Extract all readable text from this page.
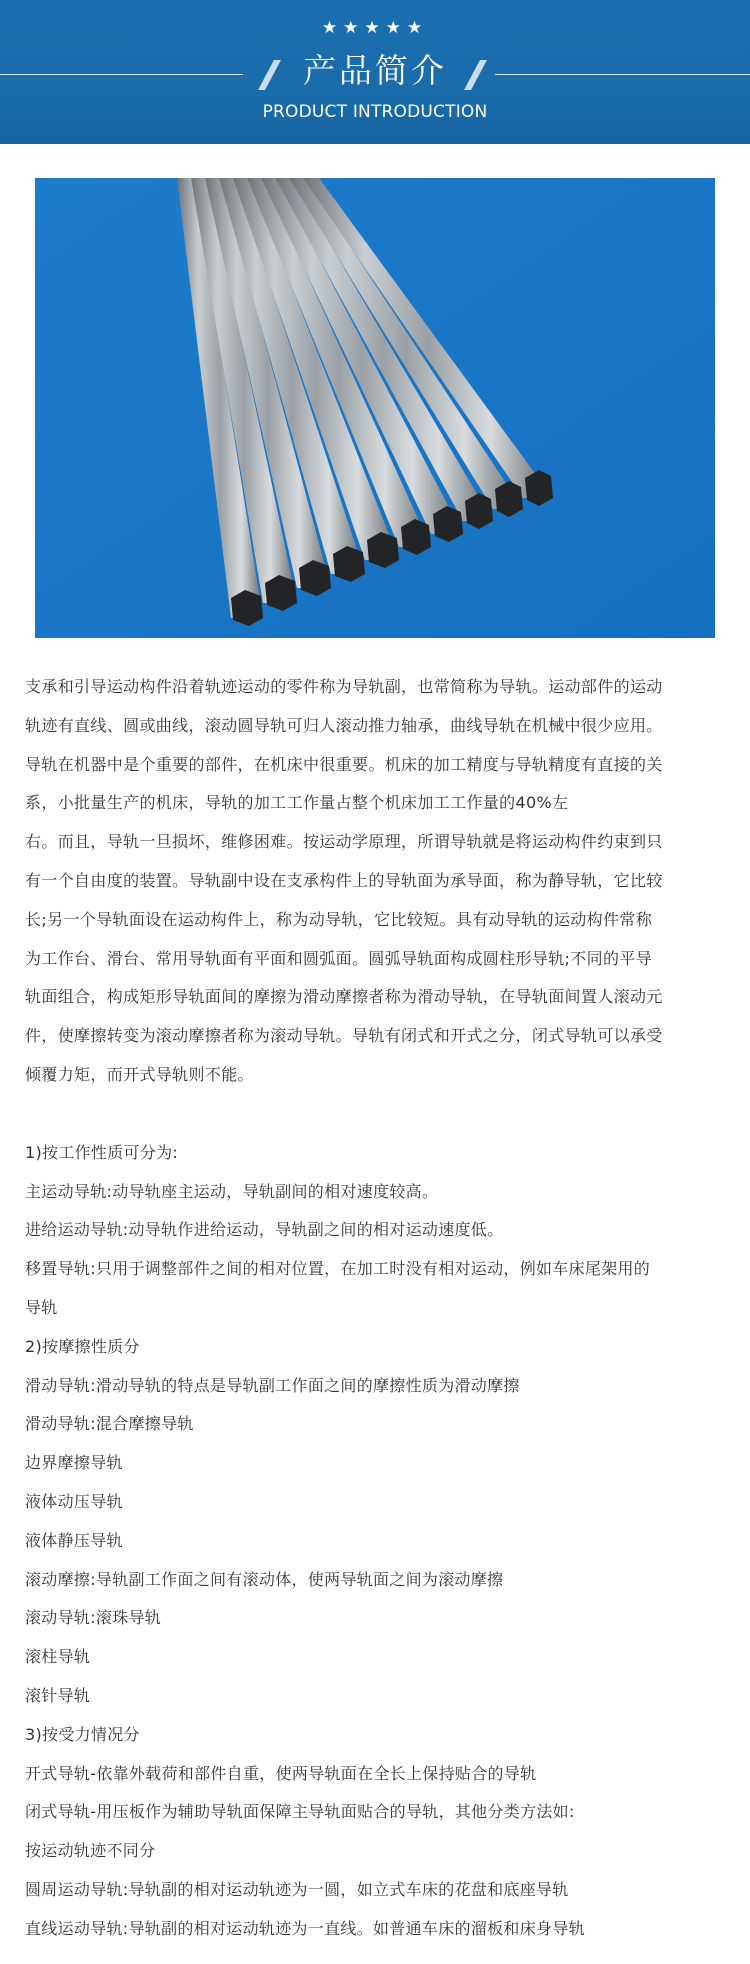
★★★★★
产品简介
PRODUCT INTRODUCTION

支承和引导运动构件沿着轨迹运动的零件称为导轨副，也常简称为导轨。运动部件的运动
轨迹有直线、圆或曲线，滚动圆导轨可归人滚动推力轴承，曲线导轨在机械中很少应用。
导轨在机器中是个重要的部件，在机床中很重要。机床的加工精度与导轨精度有直接的关
系，小批量生产的机床，导轨的加工工作量占整个机床加工工作量的40%左
右。而且，导轨一旦损坏，维修困难。按运动学原理，所谓导轨就是将运动构件约束到只
有一个自由度的装置。导轨副中设在支承构件上的导轨面为承导面，称为静导轨，它比较
长;另一个导轨面设在运动构件上，称为动导轨，它比较短。具有动导轨的运动构件常称
为工作台、滑台、常用导轨面有平面和圆弧面。圆弧导轨面构成圆柱形导轨;不同的平导
轨面组合，构成矩形导轨面间的摩擦为滑动摩擦者称为滑动导轨，在导轨面间置人滚动元
件，使摩擦转变为滚动摩擦者称为滚动导轨。导轨有闭式和开式之分，闭式导轨可以承受
倾覆力矩，而开式导轨则不能。

1)按工作性质可分为:
主运动导轨:动导轨座主运动，导轨副间的相对速度较高。
进给运动导轨:动导轨作进给运动，导轨副之间的相对运动速度低。
移置导轨:只用于调整部件之间的相对位置，在加工时没有相对运动，例如车床尾架用的
导轨
2)按摩擦性质分
滑动导轨:滑动导轨的特点是导轨副工作面之间的摩擦性质为滑动摩擦
滑动导轨:混合摩擦导轨
边界摩擦导轨
液体动压导轨
液体静压导轨
滚动摩擦:导轨副工作面之间有滚动体，使两导轨面之间为滚动摩擦
滚动导轨:滚珠导轨
滚柱导轨
滚针导轨
3)按受力情况分
开式导轨-依靠外载荷和部件自重，使两导轨面在全长上保持贴合的导轨
闭式导轨-用压板作为辅助导轨面保障主导轨面贴合的导轨，其他分类方法如:
按运动轨迹不同分
圆周运动导轨:导轨副的相对运动轨迹为一圆，如立式车床的花盘和底座导轨
直线运动导轨:导轨副的相对运动轨迹为一直线。如普通车床的溜板和床身导轨
